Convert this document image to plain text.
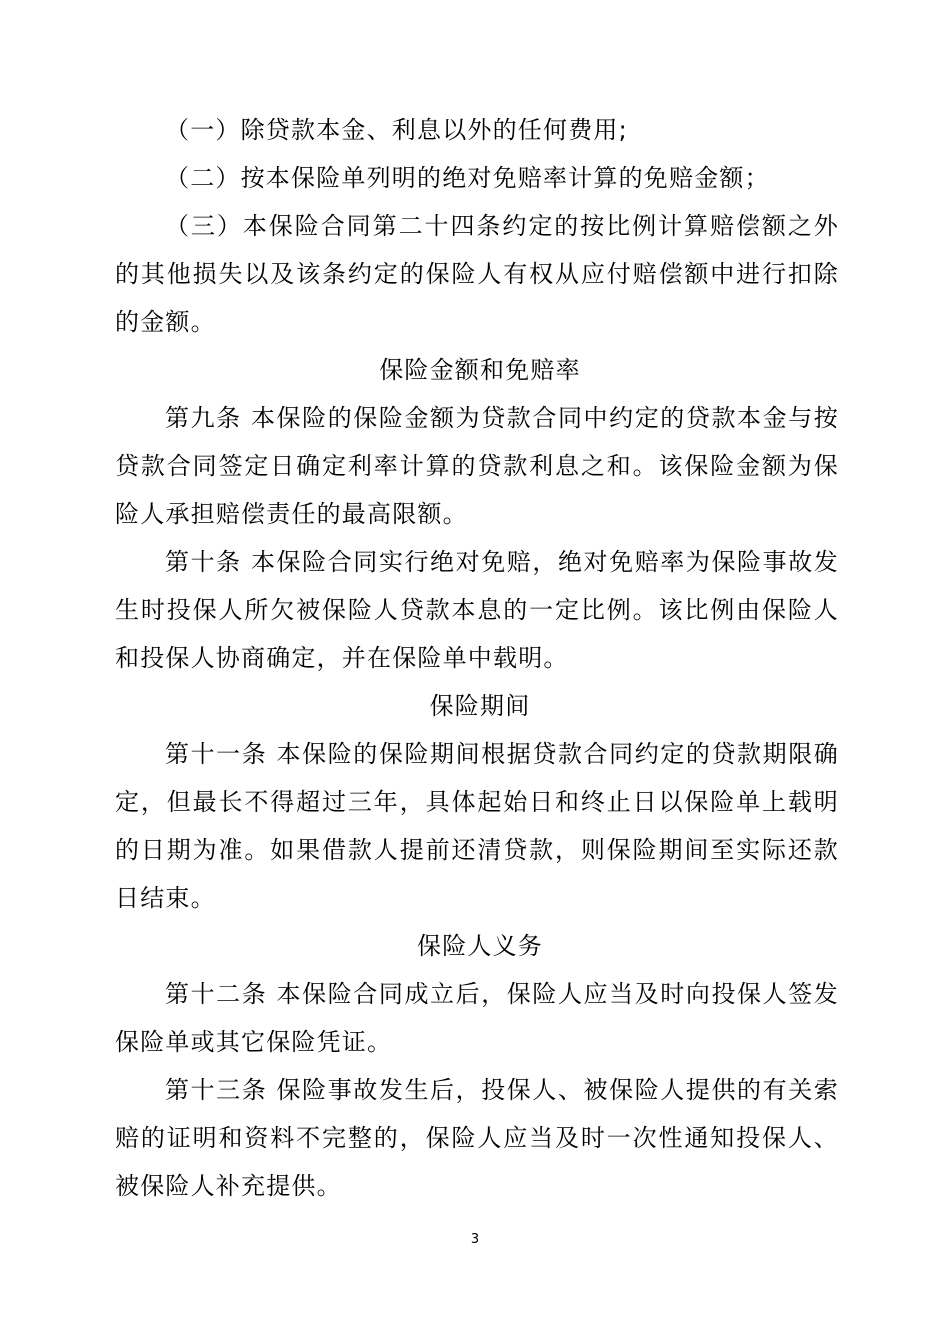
（一）除贷款本金、利息以外的任何费用;

（二）按本保险单列明的绝对免赔率计算的免赔金额；

（三）本保险合同第二十四条约定的按比例计算赔偿额之外的其他损失以及该条约定的保险人有权从应付赔偿额中进行扣除的金额。

保险金额和免赔率

第九条 本保险的保险金额为贷款合同中约定的贷款本金与按贷款合同签定日确定利率计算的贷款利息之和。该保险金额为保险人承担赔偿责任的最高限额。

第十条 本保险合同实行绝对免赔，绝对免赔率为保险事故发生时投保人所欠被保险人贷款本息的一定比例。该比例由保险人和投保人协商确定，并在保险单中载明。

保险期间

第十一条 本保险的保险期间根据贷款合同约定的贷款期限确定，但最长不得超过三年，具体起始日和终止日以保险单上载明的日期为准。如果借款人提前还清贷款，则保险期间至实际还款日结束。

保险人义务

第十二条 本保险合同成立后，保险人应当及时向投保人签发保险单或其它保险凭证。

第十三条 保险事故发生后，投保人、被保险人提供的有关索赔的证明和资料不完整的，保险人应当及时一次性通知投保人、被保险人补充提供。

3
